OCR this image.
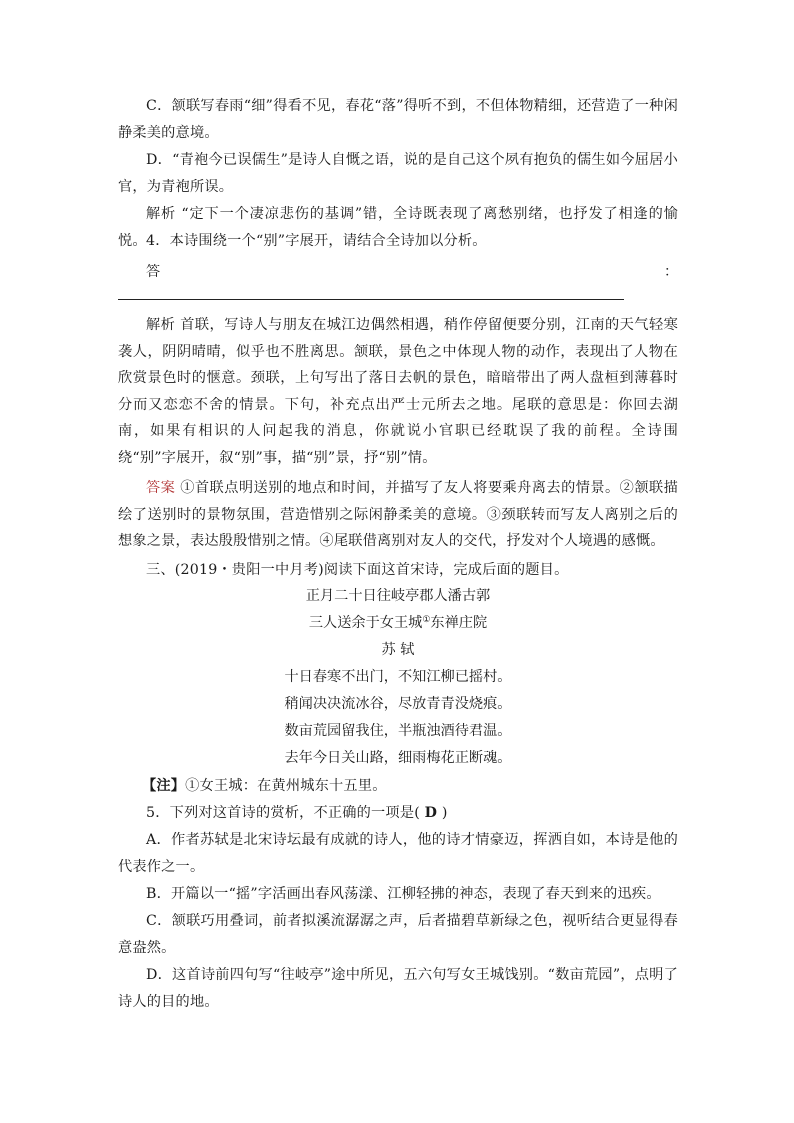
C．颔联写春雨“细”得看不见，春花“落”得听不到，不但体物精细，还营造了一种闲静柔美的意境。

D．“青袍今已误儒生”是诗人自慨之语，说的是自己这个夙有抱负的儒生如今屈居小官，为青袍所误。

解析 “定下一个凄凉悲伤的基调”错，全诗既表现了离愁别绪，也抒发了相逢的愉悦。 4．本诗围绕一个“别”字展开，请结合全诗加以分析。

答	：

解析 首联，写诗人与朋友在城江边偶然相遇，稍作停留便要分别，江南的天气轻寒袭人，阴阴晴晴，似乎也不胜离思。颔联，景色之中体现人物的动作，表现出了人物在欣赏景色时的惬意。颈联，上句写出了落日去帆的景色，暗暗带出了两人盘桓到薄暮时分而又恋恋不舍的情景。下句，补充点出严士元所去之地。尾联的意思是：你回去湖南，如果有相识的人问起我的消息，你就说小官职已经耽误了我的前程。全诗围绕“别”字展开，叙“别”事，描“别”景，抒“别”情。

答案 ①首联点明送别的地点和时间，并描写了友人将要乘舟离去的情景。②颔联描绘了送别时的景物氛围，营造惜别之际闲静柔美的意境。③颈联转而写友人离别之后的想象之景，表达殷殷惜别之情。④尾联借离别对友人的交代，抒发对个人境遇的感慨。

三、(2019・贵阳一中月考)阅读下面这首宋诗，完成后面的题目。

正月二十日往岐亭郡人潘古郭

三人送余于女王城①东禅庄院

苏 轼

十日春寒不出门，不知江柳已摇村。

稍闻决决流冰谷，尽放青青没烧痕。

数亩荒园留我住，半瓶浊酒待君温。

去年今日关山路，细雨梅花正断魂。

【注】①女王城：在黄州城东十五里。

5．下列对这首诗的赏析，不正确的一项是( D )

A．作者苏轼是北宋诗坛最有成就的诗人，他的诗才情豪迈，挥洒自如，本诗是他的代表作之一。

B．开篇以一“摇”字活画出春风荡漾、江柳轻拂的神态，表现了春天到来的迅疾。

C．颔联巧用叠词，前者拟溪流潺潺之声，后者描碧草新绿之色，视听结合更显得春意盎然。

D．这首诗前四句写“往岐亭”途中所见，五六句写女王城饯别。“数亩荒园”，点明了诗人的目的地。
